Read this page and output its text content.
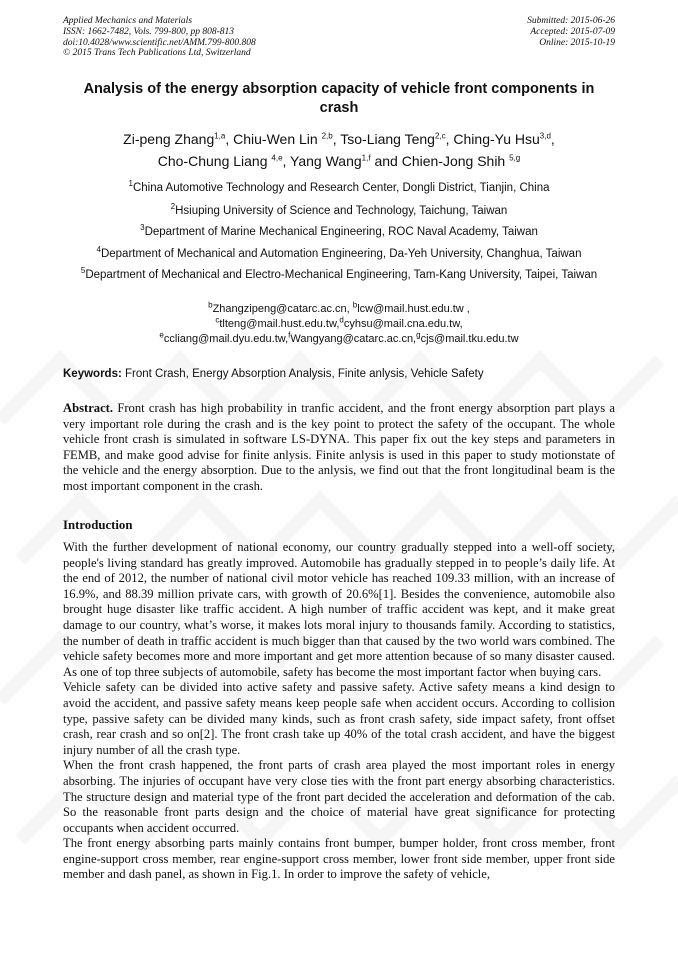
Applied Mechanics and Materials
ISSN: 1662-7482, Vols. 799-800, pp 808-813
doi:10.4028/www.scientific.net/AMM.799-800.808
© 2015 Trans Tech Publications Ltd, Switzerland
Submitted: 2015-06-26
Accepted: 2015-07-09
Online: 2015-10-19
Analysis of the energy absorption capacity of vehicle front components in crash
Zi-peng Zhang$^{1,a}$, Chiu-Wen Lin $^{2,b}$, Tso-Liang Teng$^{2,c}$, Ching-Yu Hsu$^{3,d}$,
Cho-Chung Liang $^{4,e}$, Yang Wang$^{1,f}$ and Chien-Jong Shih $^{5,g}$
$^1$China Automotive Technology and Research Center, Dongli District, Tianjin, China
$^2$Hsiuping University of Science and Technology, Taichung, Taiwan
$^3$Department of Marine Mechanical Engineering, ROC Naval Academy, Taiwan
$^4$Department of Mechanical and Automation Engineering, Da-Yeh University, Changhua, Taiwan
$^5$Department of Mechanical and Electro-Mechanical Engineering, Tam-Kang University, Taipei, Taiwan
$^b$Zhangzipeng@catarc.ac.cn, $^b$lcw@mail.hust.edu.tw ,
$^c$tlteng@mail.hust.edu.tw,$^d$cyhsu@mail.cna.edu.tw,
$^e$ccliang@mail.dyu.edu.tw,$^f$Wangyang@catarc.ac.cn,$^g$cjs@mail.tku.edu.tw
Keywords: Front Crash, Energy Absorption Analysis, Finite anlysis, Vehicle Safety
Abstract. Front crash has high probability in tranfic accident, and the front energy absorption part plays a very important role during the crash and is the key point to protect the safety of the occupant. The whole vehicle front crash is simulated in software LS-DYNA. This paper fix out the key steps and parameters in FEMB, and make good advise for finite anlysis. Finite anlysis is used in this paper to study motionstate of the vehicle and the energy absorption. Due to the anlysis, we find out that the front longitudinal beam is the most important component in the crash.
Introduction

With the further development of national economy, our country gradually stepped into a well-off society, people's living standard has greatly improved. Automobile has gradually stepped in to people’s daily life. At the end of 2012, the number of national civil motor vehicle has reached 109.33 million, with an increase of 16.9%, and 88.39 million private cars, with growth of 20.6%[1]. Besides the convenience, automobile also brought huge disaster like traffic accident. A high number of traffic accident was kept, and it make great damage to our country, what’s worse, it makes lots moral injury to thousands family. According to statistics, the number of death in traffic accident is much bigger than that caused by the two world wars combined. The vehicle safety becomes more and more important and get more attention because of so many disaster caused. As one of top three subjects of automobile, safety has become the most important factor when buying cars.

Vehicle safety can be divided into active safety and passive safety. Active safety means a kind design to avoid the accident, and passive safety means keep people safe when accident occurs. According to collision type, passive safety can be divided many kinds, such as front crash safety, side impact safety, front offset crash, rear crash and so on[2]. The front crash take up 40% of the total crash accident, and have the biggest injury number of all the crash type.

When the front crash happened, the front parts of crash area played the most important roles in energy absorbing. The injuries of occupant have very close ties with the front part energy absorbing characteristics. The structure design and material type of the front part decided the acceleration and deformation of the cab. So the reasonable front parts design and the choice of material have great significance for protecting occupants when accident occurred.

The front energy absorbing parts mainly contains front bumper, bumper holder, front cross member, front engine-support cross member, rear engine-support cross member, lower front side member, upper front side member and dash panel, as shown in Fig.1. In order to improve the safety of vehicle,
